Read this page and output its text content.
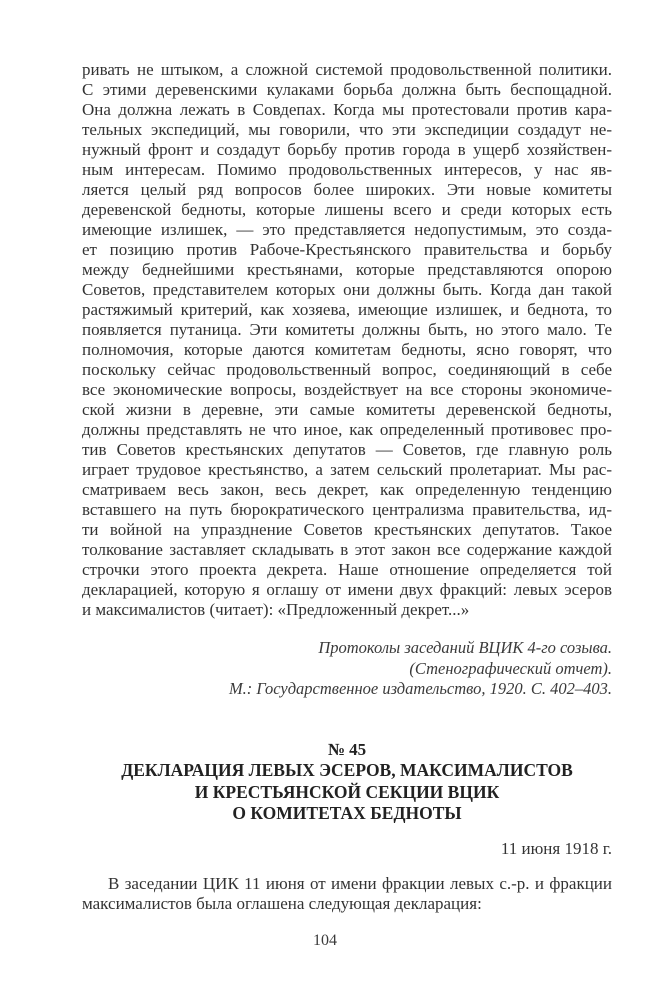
ривать не штыком, а сложной системой продовольственной политики.
С этими деревенскими кулаками борьба должна быть беспощадной.
Она должна лежать в Совдепах. Когда мы протестовали против кара-
тельных экспедиций, мы говорили, что эти экспедиции создадут не-
нужный фронт и создадут борьбу против города в ущерб хозяйствен-
ным интересам. Помимо продовольственных интересов, у нас яв-
ляется целый ряд вопросов более широких. Эти новые комитеты
деревенской бедноты, которые лишены всего и среди которых есть
имеющие излишек, — это представляется недопустимым, это созда-
ет позицию против Рабоче-Крестьянского правительства и борьбу
между беднейшими крестьянами, которые представляются опорою
Советов, представителем которых они должны быть. Когда дан такой
растяжимый критерий, как хозяева, имеющие излишек, и беднота, то
появляется путаница. Эти комитеты должны быть, но этого мало. Те
полномочия, которые даются комитетам бедноты, ясно говорят, что
поскольку сейчас продовольственный вопрос, соединяющий в себе
все экономические вопросы, воздействует на все стороны экономиче-
ской жизни в деревне, эти самые комитеты деревенской бедноты,
должны представлять не что иное, как определенный противовес про-
тив Советов крестьянских депутатов — Советов, где главную роль
играет трудовое крестьянство, а затем сельский пролетариат. Мы рас-
сматриваем весь закон, весь декрет, как определенную тенденцию
вставшего на путь бюрократического централизма правительства, ид-
ти войной на упразднение Советов крестьянских депутатов. Такое
толкование заставляет складывать в этот закон все содержание каждой
строчки этого проекта декрета. Наше отношение определяется той
декларацией, которую я оглашу от имени двух фракций: левых эсеров
и максималистов (читает): «Предложенный декрет...»
Протоколы заседаний ВЦИК 4-го созыва.
(Стенографический отчет).
М.: Государственное издательство, 1920. С. 402–403.
№ 45
ДЕКЛАРАЦИЯ ЛЕВЫХ ЭСЕРОВ, МАКСИМАЛИСТОВ
И КРЕСТЬЯНСКОЙ СЕКЦИИ ВЦИК
О КОМИТЕТАХ БЕДНОТЫ
11 июня 1918 г.
В заседании ЦИК 11 июня от имени фракции левых с.-р. и фракции
максималистов была оглашена следующая декларация:
104
